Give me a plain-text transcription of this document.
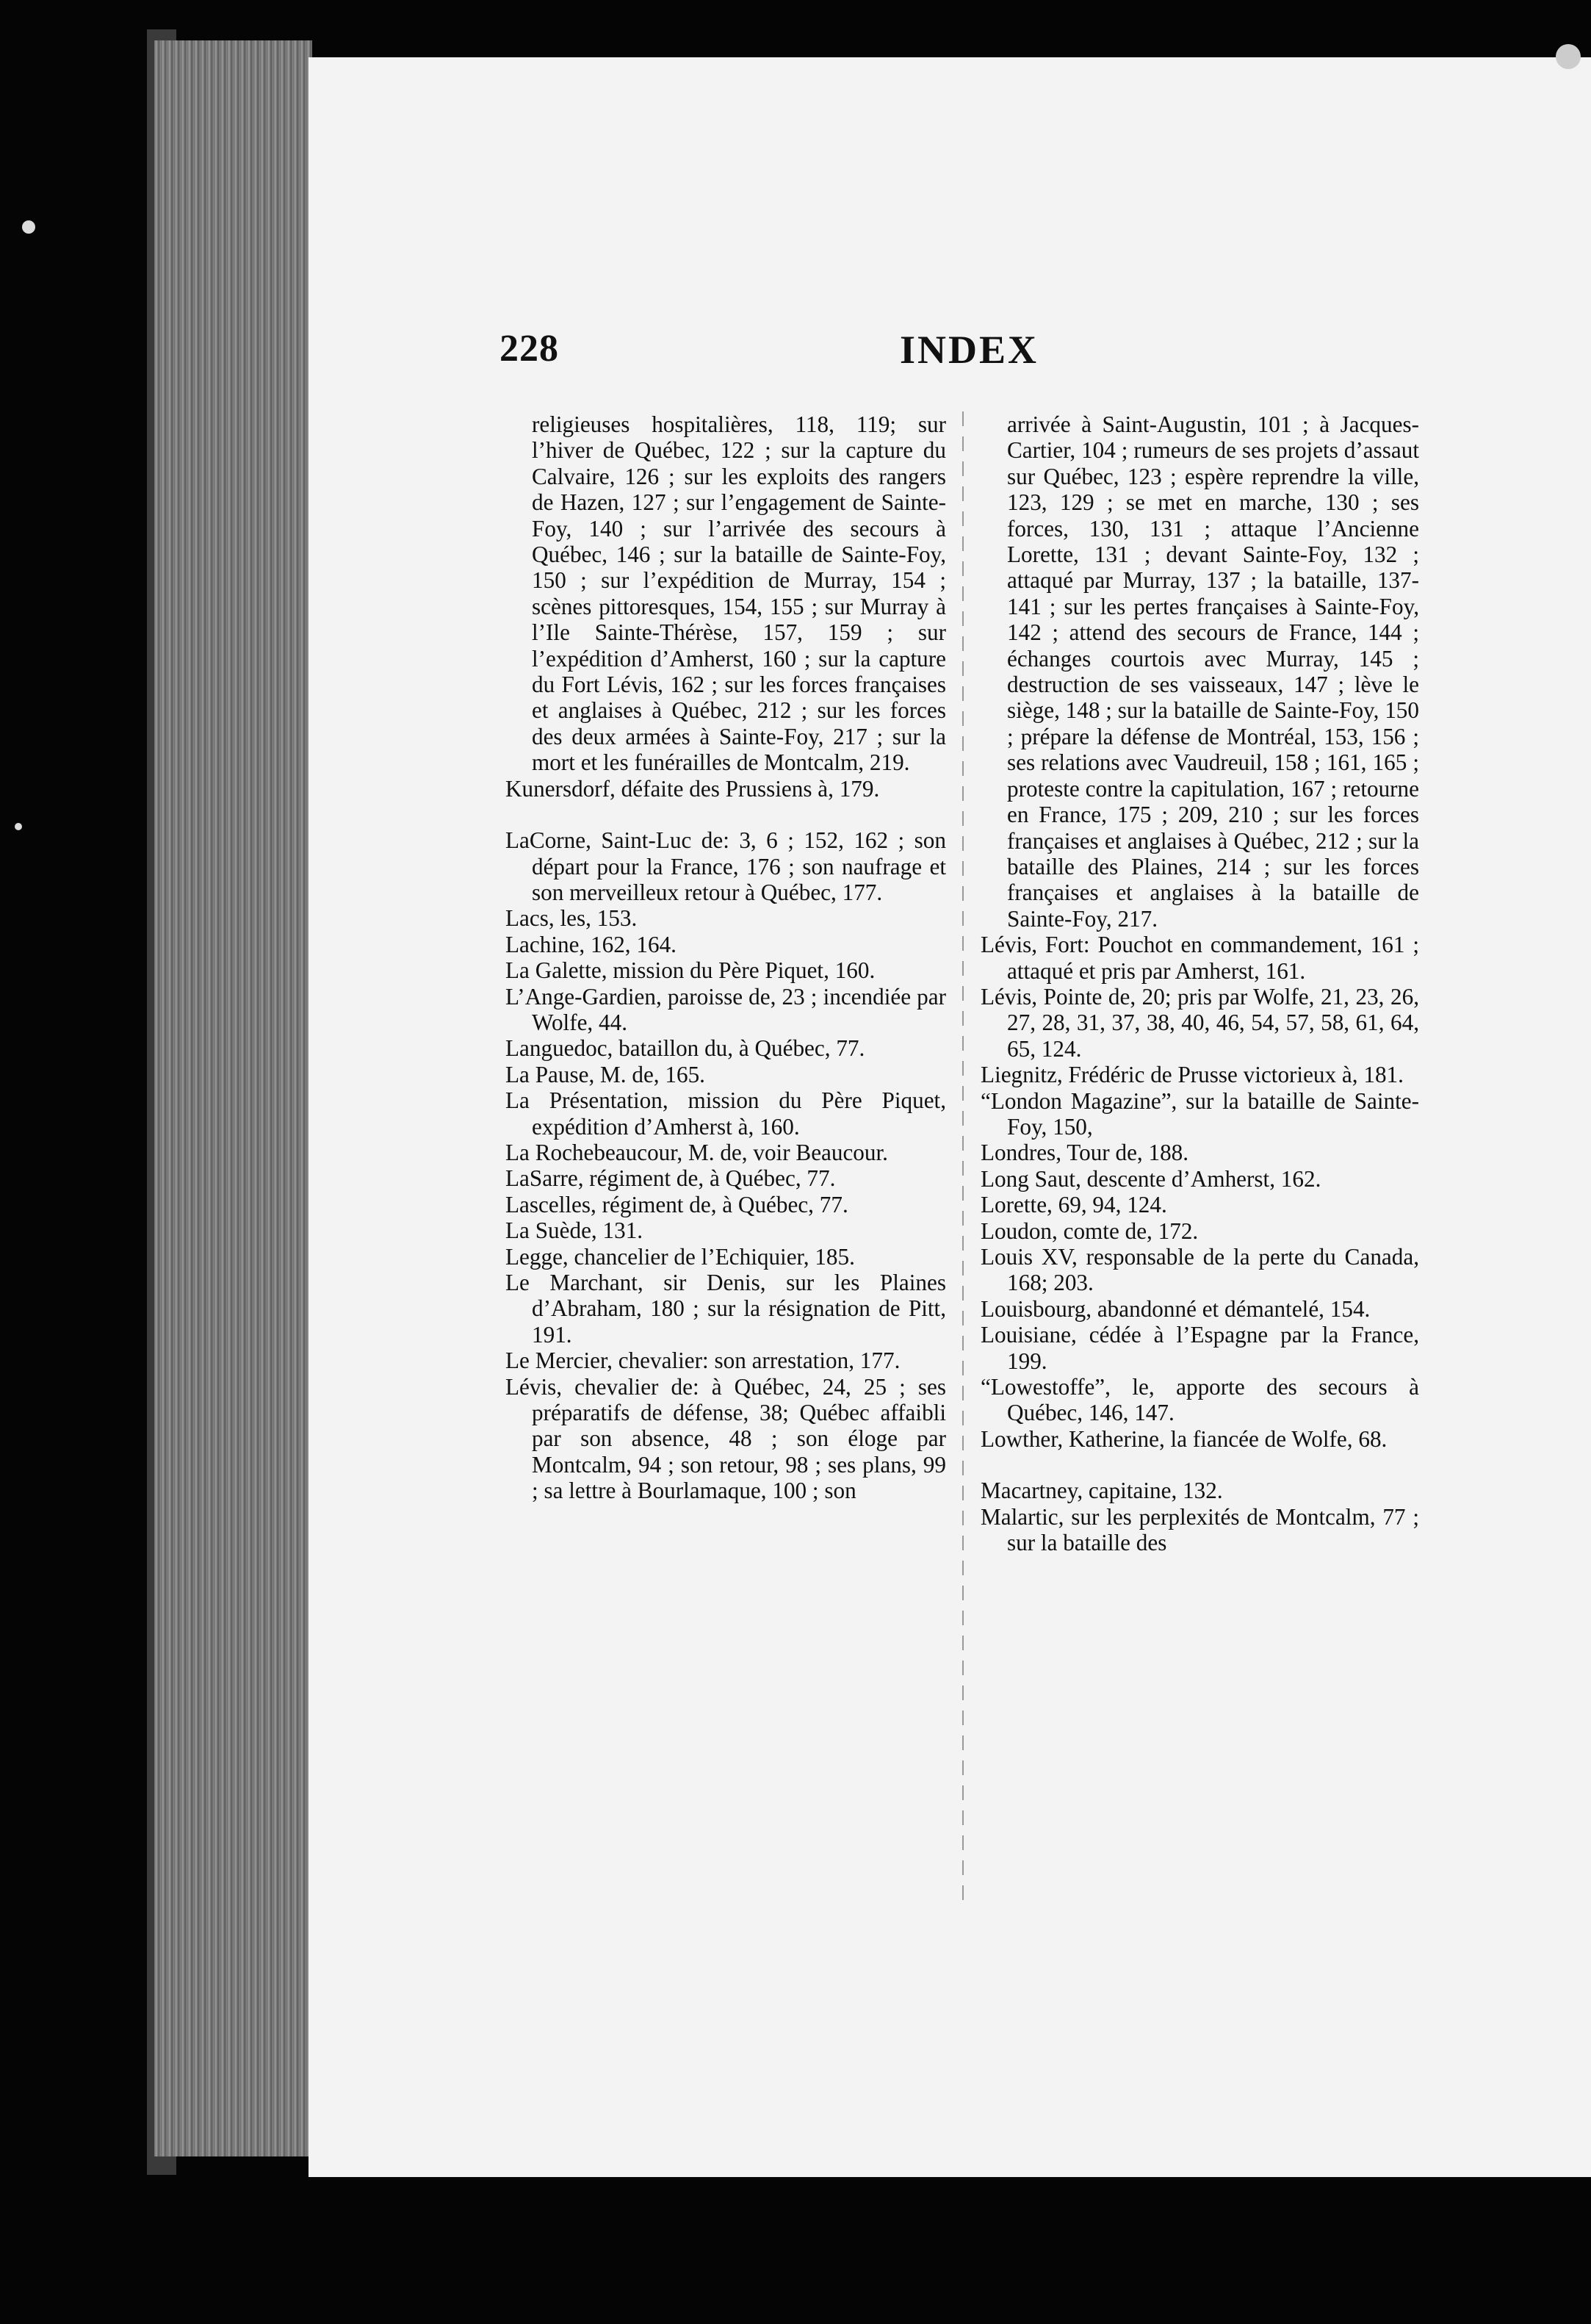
228	INDEX

religieuses hospitalières, 118, 119; sur l’hiver de Québec, 122 ; sur la capture du Calvaire, 126 ; sur les exploits des rangers de Hazen, 127 ; sur l’engagement de Sainte-Foy, 140 ; sur l’arrivée des secours à Québec, 146 ; sur la bataille de Sainte-Foy, 150 ; sur l’expédition de Murray, 154 ; scènes pittoresques, 154, 155 ; sur Murray à l’Ile Sainte-Thérèse, 157, 159 ; sur l’expédition d’Amherst, 160 ; sur la capture du Fort Lévis, 162 ; sur les forces françaises et anglaises à Québec, 212 ; sur les forces des deux armées à Sainte-Foy, 217 ; sur la mort et les funérailles de Montcalm, 219.

Kunersdorf, défaite des Prussiens à, 179.

LaCorne, Saint-Luc de: 3, 6 ; 152, 162 ; son départ pour la France, 176 ; son naufrage et son merveilleux retour à Québec, 177.

Lacs, les, 153.

Lachine, 162, 164.

La Galette, mission du Père Piquet, 160.

L’Ange-Gardien, paroisse de, 23 ; incendiée par Wolfe, 44.

Languedoc, bataillon du, à Québec, 77.

La Pause, M. de, 165.

La Présentation, mission du Père Piquet, expédition d’Amherst à, 160.

La Rochebeaucour, M. de, voir Beaucour.

LaSarre, régiment de, à Québec, 77.

Lascelles, régiment de, à Québec, 77.

La Suède, 131.

Legge, chancelier de l’Echiquier, 185.

Le Marchant, sir Denis, sur les Plaines d’Abraham, 180 ; sur la résignation de Pitt, 191.

Le Mercier, chevalier: son arrestation, 177.

Lévis, chevalier de: à Québec, 24, 25 ; ses préparatifs de défense, 38; Québec affaibli par son absence, 48 ; son éloge par Montcalm, 94 ; son retour, 98 ; ses plans, 99 ; sa lettre à Bourlamaque, 100 ; son

arrivée à Saint-Augustin, 101 ; à Jacques-Cartier, 104 ; rumeurs de ses projets d’assaut sur Québec, 123 ; espère reprendre la ville, 123, 129 ; se met en marche, 130 ; ses forces, 130, 131 ; attaque l’Ancienne Lorette, 131 ; devant Sainte-Foy, 132 ; attaqué par Murray, 137 ; la bataille, 137-141 ; sur les pertes françaises à Sainte-Foy, 142 ; attend des secours de France, 144 ; échanges courtois avec Murray, 145 ; destruction de ses vaisseaux, 147 ; lève le siège, 148 ; sur la bataille de Sainte-Foy, 150 ; prépare la défense de Montréal, 153, 156 ; ses relations avec Vaudreuil, 158 ; 161, 165 ; proteste contre la capitulation, 167 ; retourne en France, 175 ; 209, 210 ; sur les forces françaises et anglaises à Québec, 212 ; sur la bataille des Plaines, 214 ; sur les forces françaises et anglaises à la bataille de Sainte-Foy, 217.

Lévis, Fort: Pouchot en commandement, 161 ; attaqué et pris par Amherst, 161.

Lévis, Pointe de, 20; pris par Wolfe, 21, 23, 26, 27, 28, 31, 37, 38, 40, 46, 54, 57, 58, 61, 64, 65, 124.

Liegnitz, Frédéric de Prusse victorieux à, 181.

“London Magazine”, sur la bataille de Sainte-Foy, 150,

Londres, Tour de, 188.

Long Saut, descente d’Amherst, 162.

Lorette, 69, 94, 124.

Loudon, comte de, 172.

Louis XV, responsable de la perte du Canada, 168; 203.

Louisbourg, abandonné et démantelé, 154.

Louisiane, cédée à l’Espagne par la France, 199.

“Lowestoffe”, le, apporte des secours à Québec, 146, 147.

Lowther, Katherine, la fiancée de Wolfe, 68.

Macartney, capitaine, 132.

Malartic, sur les perplexités de Montcalm, 77 ; sur la bataille des
